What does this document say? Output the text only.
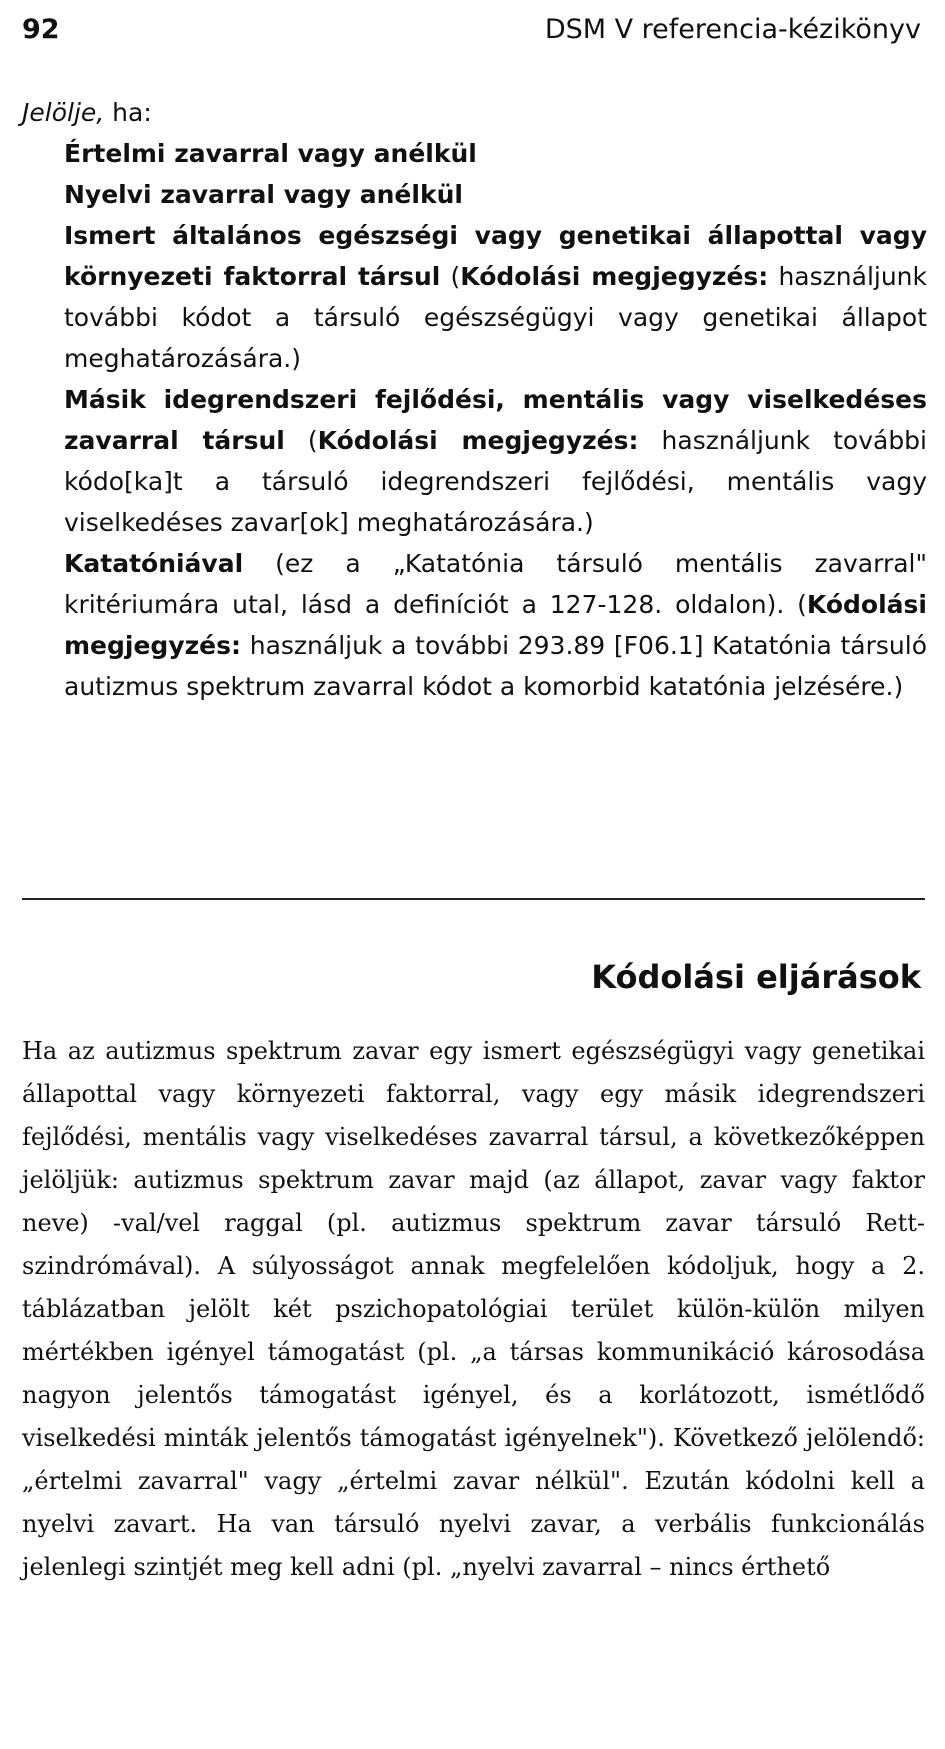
92	DSM V referencia-kézikönyv

Jelölje, ha:

Értelmi zavarral vagy anélkül

Nyelvi zavarral vagy anélkül

Ismert általános egészségi vagy genetikai állapottal vagy környezeti faktorral társul (Kódolási megjegyzés: használjunk további kódot a társuló egészségügyi vagy genetikai állapot meghatározására.)

Másik idegrendszeri fejlődési, mentális vagy viselkedéses zavarral társul (Kódolási megjegyzés: használjunk további kódo[ka]t a társuló idegrendszeri fejlődési, mentális vagy viselkedéses zavar[ok] meghatározására.)

Katatóniával (ez a „Katatónia társuló mentális zavarral" kritériumára utal, lásd a definíciót a 127-128. oldalon). (Kódolási megjegyzés: használjuk a további 293.89 [F06.1] Katatónia társuló autizmus spektrum zavarral kódot a komorbid katatónia jelzésére.)

Kódolási eljárások

Ha az autizmus spektrum zavar egy ismert egészségügyi vagy genetikai állapottal vagy környezeti faktorral, vagy egy másik idegrendszeri fejlődési, mentális vagy viselkedéses zavarral társul, a következőképpen jelöljük: autizmus spektrum zavar majd (az állapot, zavar vagy faktor neve) -val/vel raggal (pl. autizmus spektrum zavar társuló Rett-szindrómával). A súlyosságot annak megfelelően kódoljuk, hogy a 2. táblázatban jelölt két pszichopatológiai terület külön-külön milyen mértékben igényel támogatást (pl. „a társas kommunikáció károsodása nagyon jelentős támogatást igényel, és a korlátozott, ismétlődő viselkedési minták jelentős támogatást igényelnek"). Következő jelölendő: „értelmi zavarral" vagy „értelmi zavar nélkül". Ezután kódolni kell a nyelvi zavart. Ha van társuló nyelvi zavar, a verbális funkcionálás jelenlegi szintjét meg kell adni (pl. „nyelvi zavarral – nincs érthető
